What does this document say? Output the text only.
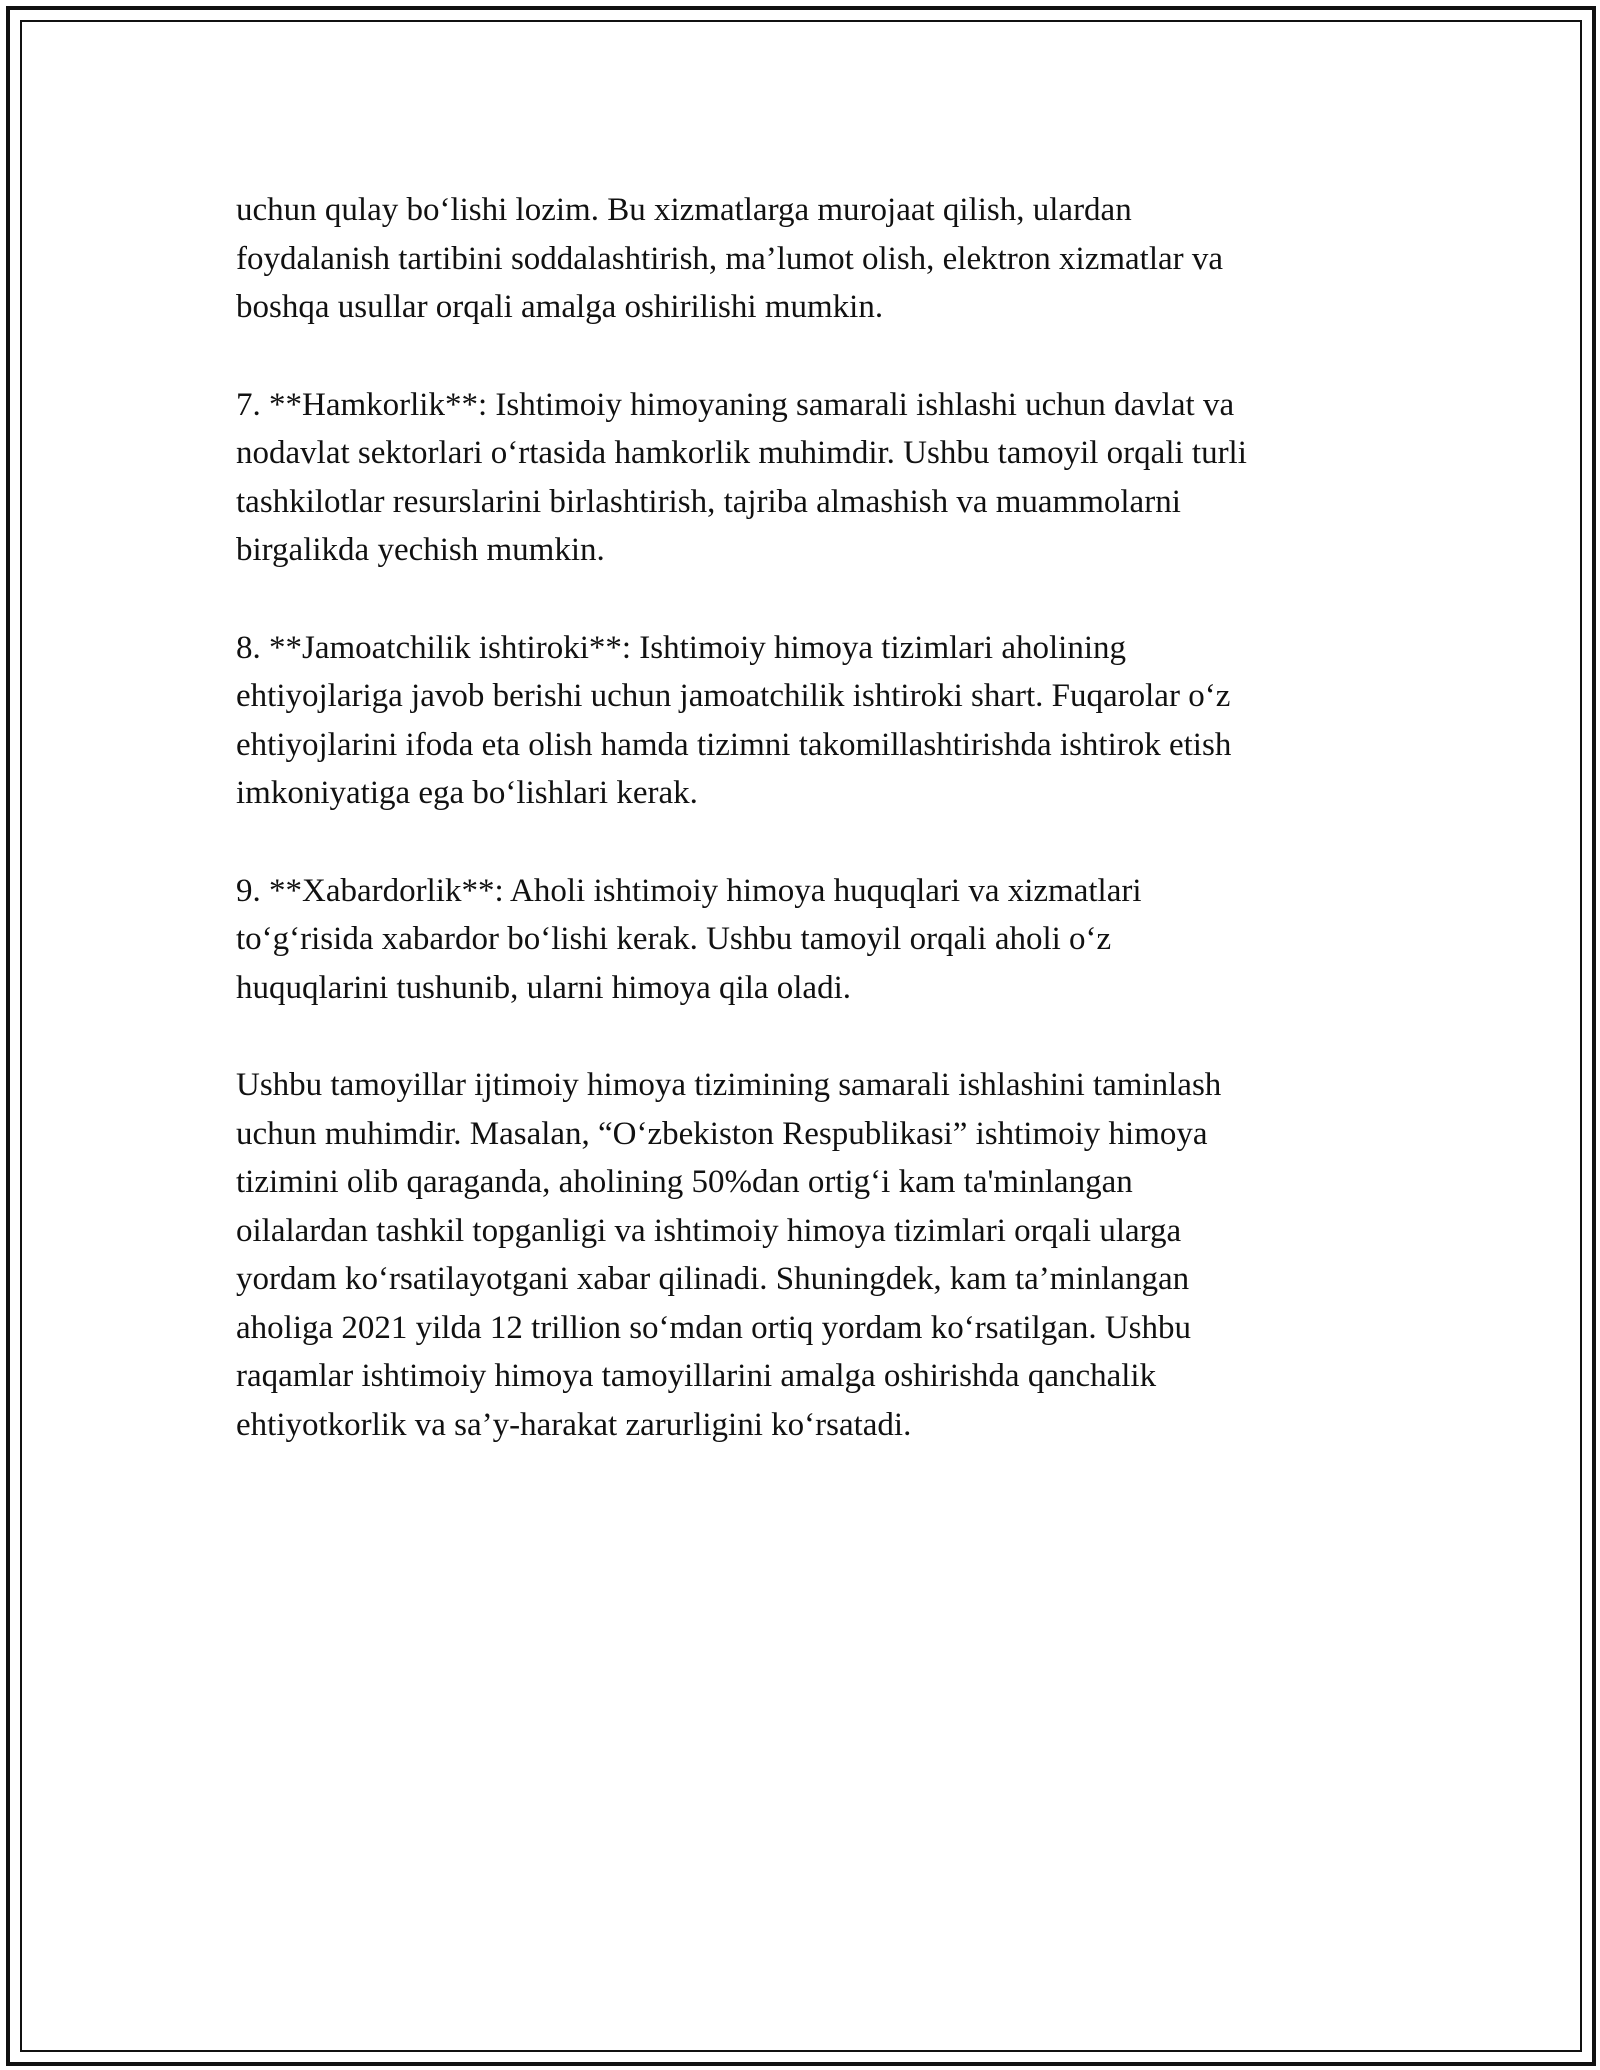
uchun qulay bo‘lishi lozim. Bu xizmatlarga murojaat qilish, ulardan
foydalanish tartibini soddalashtirish, ma’lumot olish, elektron xizmatlar va
boshqa usullar orqali amalga oshirilishi mumkin.

7. **Hamkorlik**: Ishtimoiy himoyaning samarali ishlashi uchun davlat va
nodavlat sektorlari o‘rtasida hamkorlik muhimdir. Ushbu tamoyil orqali turli
tashkilotlar resurslarini birlashtirish, tajriba almashish va muammolarni
birgalikda yechish mumkin.

8. **Jamoatchilik ishtiroki**: Ishtimoiy himoya tizimlari aholining
ehtiyojlariga javob berishi uchun jamoatchilik ishtiroki shart. Fuqarolar o‘z
ehtiyojlarini ifoda eta olish hamda tizimni takomillashtirishda ishtirok etish
imkoniyatiga ega bo‘lishlari kerak.

9. **Xabardorlik**: Aholi ishtimoiy himoya huquqlari va xizmatlari
to‘g‘risida xabardor bo‘lishi kerak. Ushbu tamoyil orqali aholi o‘z
huquqlarini tushunib, ularni himoya qila oladi.

Ushbu tamoyillar ijtimoiy himoya tizimining samarali ishlashini taminlash
uchun muhimdir. Masalan, “O‘zbekiston Respublikasi” ishtimoiy himoya
tizimini olib qaraganda, aholining 50%dan ortig‘i kam ta'minlangan
oilalardan tashkil topganligi va ishtimoiy himoya tizimlari orqali ularga
yordam ko‘rsatilayotgani xabar qilinadi. Shuningdek, kam ta’minlangan
aholiga 2021 yilda 12 trillion so‘mdan ortiq yordam ko‘rsatilgan. Ushbu
raqamlar ishtimoiy himoya tamoyillarini amalga oshirishda qanchalik
ehtiyotkorlik va sa’y-harakat zarurligini ko‘rsatadi.
